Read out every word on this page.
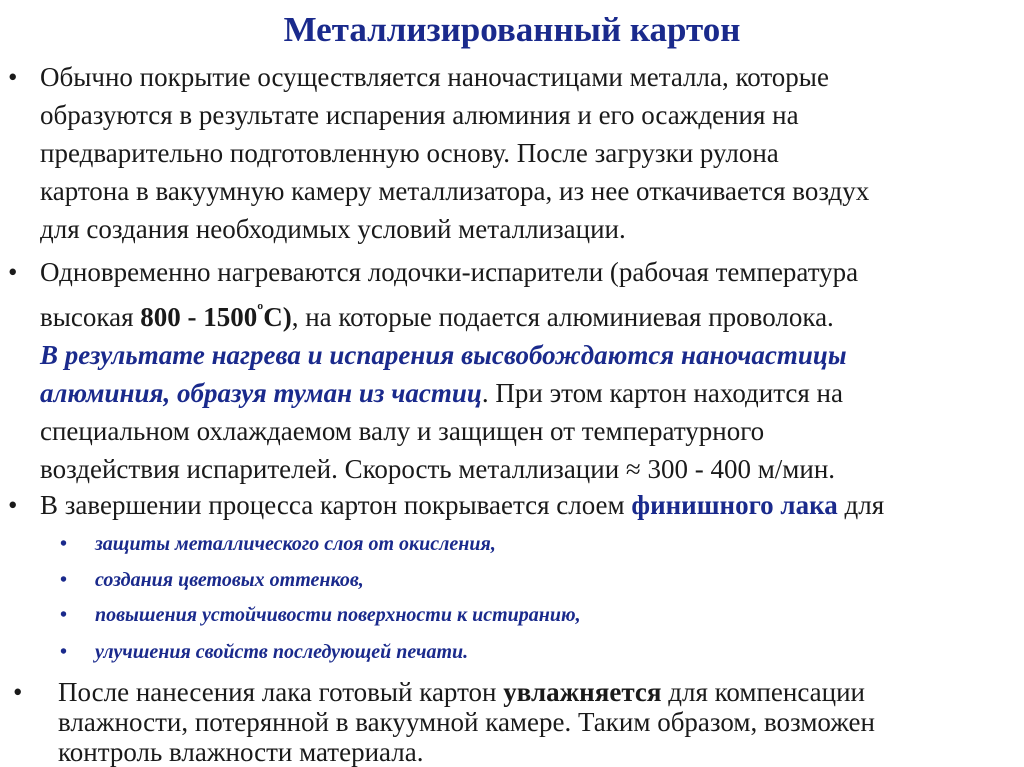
Металлизированный картон
• Обычно покрытие осуществляется наночастицами металла, которые
образуются в результате испарения алюминия и его осаждения на
предварительно подготовленную основу. После загрузки рулона
картона в вакуумную камеру металлизатора, из нее откачивается воздух
для создания необходимых условий металлизации.
• Одновременно нагреваются лодочки-испарители (рабочая температура
высокая $800 - 1500^ºС$), на которые подается алюминиевая проволока.
В результате нагрева и испарения высвобождаются наночастицы
алюминия, образуя туман из частиц. При этом картон находится на
специальном охлаждаемом валу и защищен от температурного
воздействия испарителей. Скорость металлизации ≈ 300 - 400 м/мин.
• В завершении процесса картон покрывается слоем финишного лака для
• защиты металлического слоя от окисления,
• создания цветовых оттенков,
• повышения устойчивости поверхности к истиранию,
• улучшения свойств последующей печати.
• После нанесения лака готовый картон увлажняется для компенсации
влажности, потерянной в вакуумной камере. Таким образом, возможен
контроль влажности материала.
